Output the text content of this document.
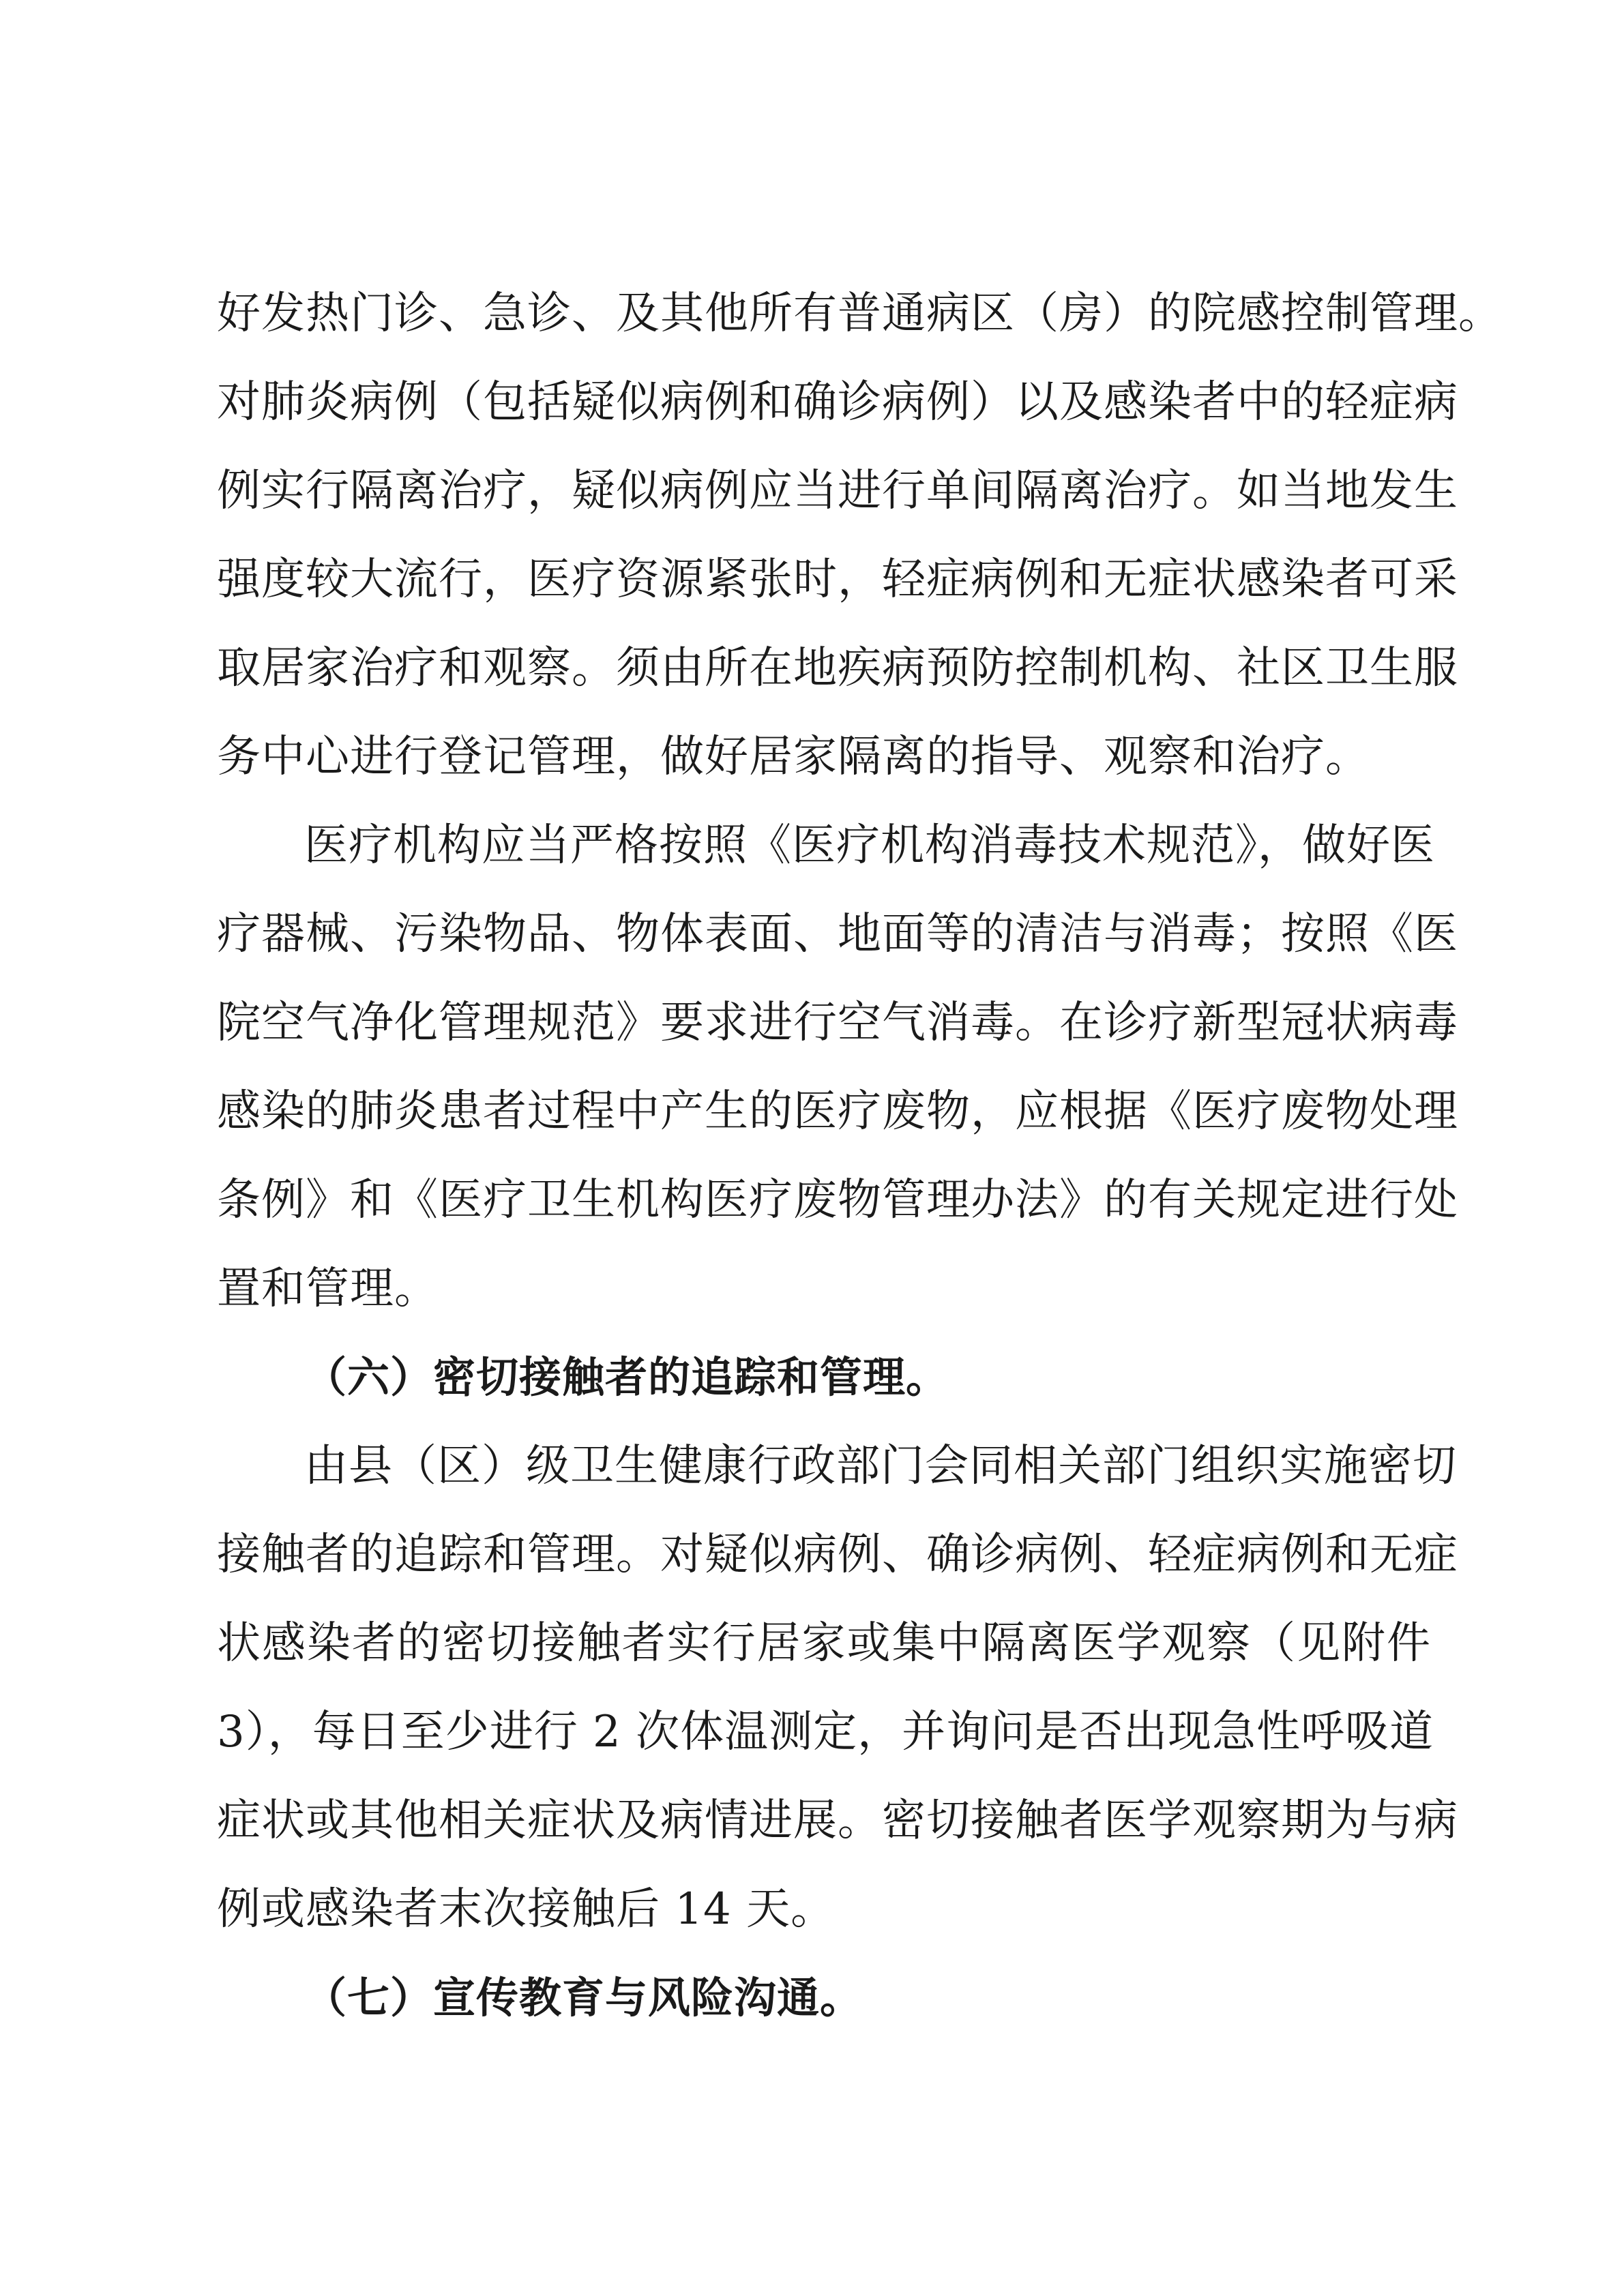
好发热门诊、急诊、及其他所有普通病区（房）的院感控制管理。

对肺炎病例（包括疑似病例和确诊病例）以及感染者中的轻症病

例实行隔离治疗，疑似病例应当进行单间隔离治疗。如当地发生

强度较大流行，医疗资源紧张时，轻症病例和无症状感染者可采

取居家治疗和观察。须由所在地疾病预防控制机构、社区卫生服

务中心进行登记管理，做好居家隔离的指导、观察和治疗。

医疗机构应当严格按照《医疗机构消毒技术规范》，做好医

疗器械、污染物品、物体表面、地面等的清洁与消毒；按照《医

院空气净化管理规范》要求进行空气消毒。在诊疗新型冠状病毒

感染的肺炎患者过程中产生的医疗废物，应根据《医疗废物处理

条例》和《医疗卫生机构医疗废物管理办法》的有关规定进行处

置和管理。

（六）密切接触者的追踪和管理。

由县（区）级卫生健康行政部门会同相关部门组织实施密切

接触者的追踪和管理。对疑似病例、确诊病例、轻症病例和无症

状感染者的密切接触者实行居家或集中隔离医学观察（见附件

3），每日至少进行 2 次体温测定，并询问是否出现急性呼吸道

症状或其他相关症状及病情进展。密切接触者医学观察期为与病

例或感染者末次接触后 14 天。

（七）宣传教育与风险沟通。
